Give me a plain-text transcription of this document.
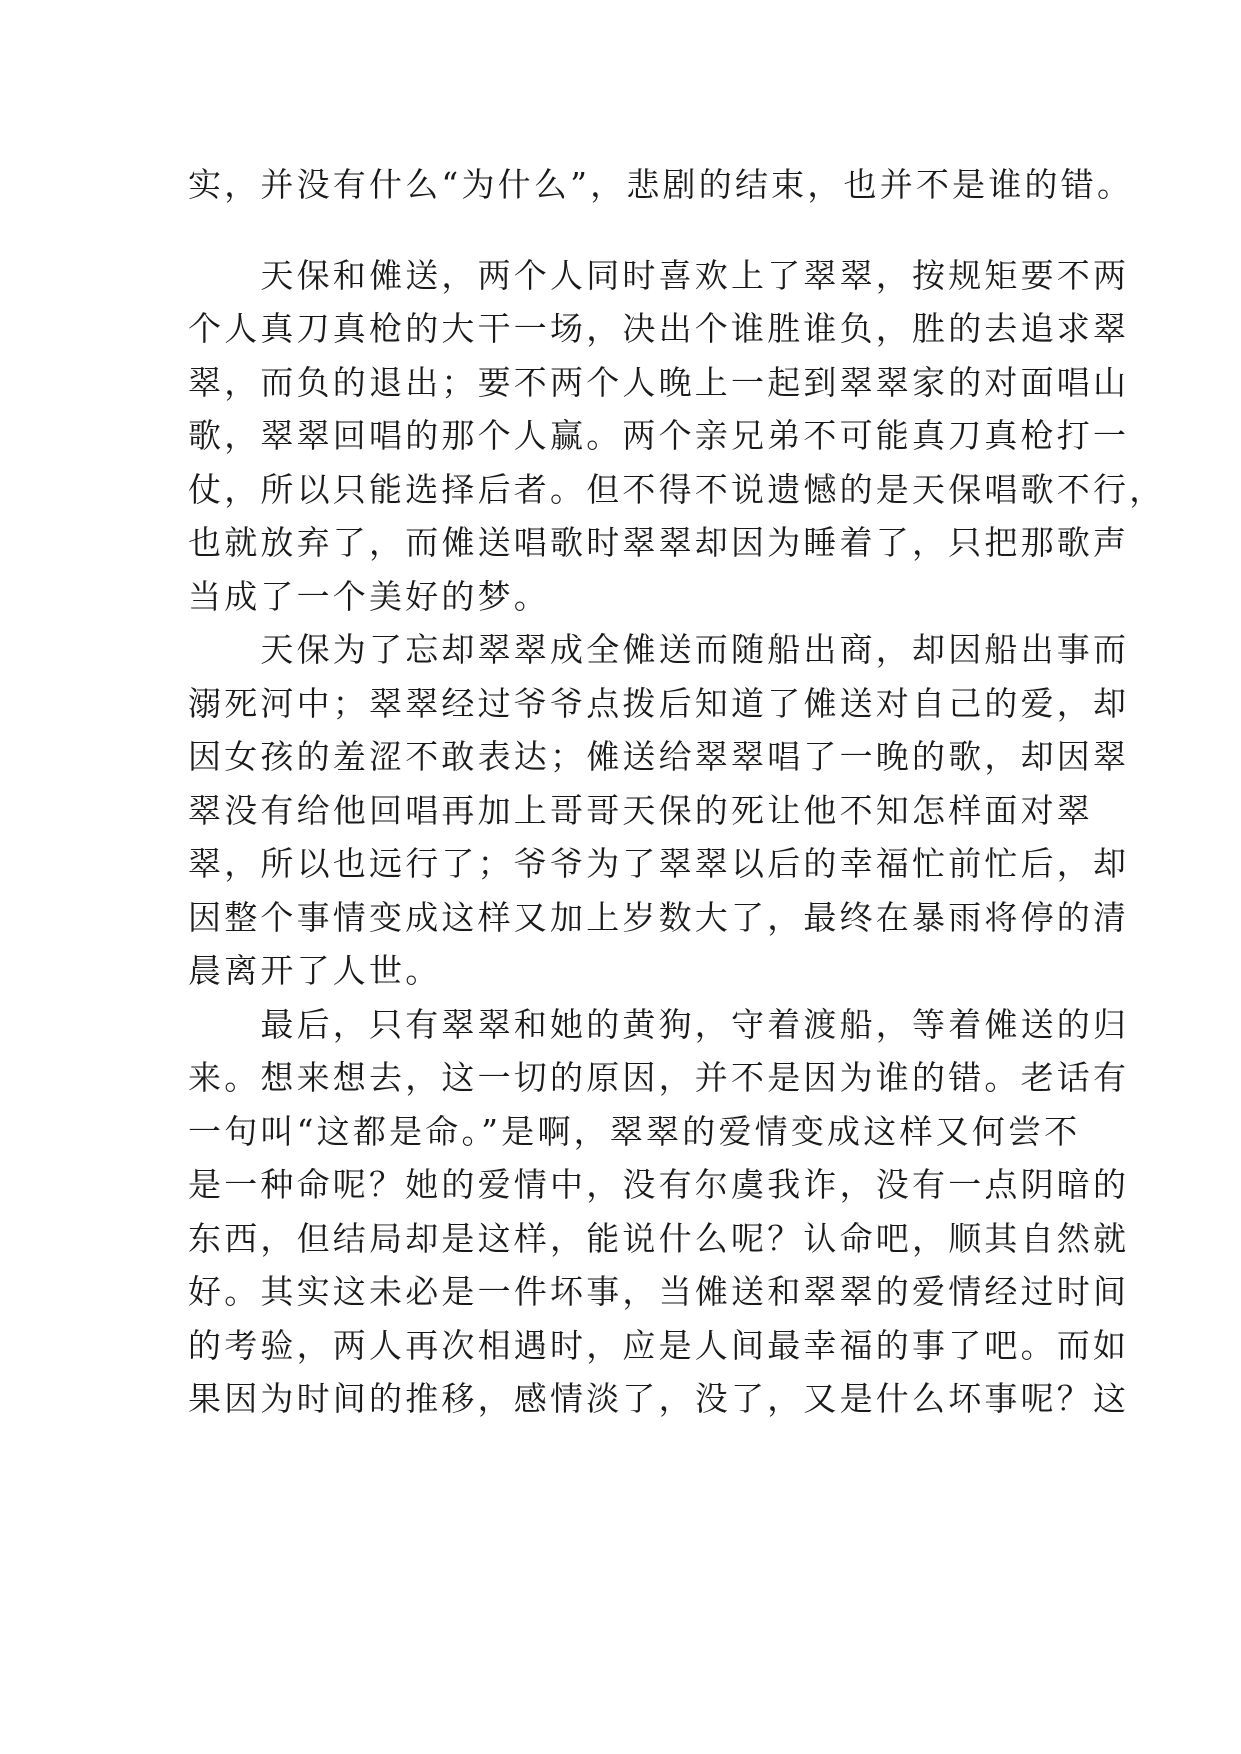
实，并没有什么“为什么”，悲剧的结束，也并不是谁的错。
　　天保和傩送，两个人同时喜欢上了翠翠，按规矩要不两
个人真刀真枪的大干一场，决出个谁胜谁负，胜的去追求翠
翠，而负的退出；要不两个人晚上一起到翠翠家的对面唱山
歌，翠翠回唱的那个人赢。两个亲兄弟不可能真刀真枪打一
仗，所以只能选择后者。但不得不说遗憾的是天保唱歌不行，
也就放弃了，而傩送唱歌时翠翠却因为睡着了，只把那歌声
当成了一个美好的梦。
　　天保为了忘却翠翠成全傩送而随船出商，却因船出事而
溺死河中；翠翠经过爷爷点拨后知道了傩送对自己的爱，却
因女孩的羞涩不敢表达；傩送给翠翠唱了一晚的歌，却因翠
翠没有给他回唱再加上哥哥天保的死让他不知怎样面对翠
翠，所以也远行了；爷爷为了翠翠以后的幸福忙前忙后，却
因整个事情变成这样又加上岁数大了，最终在暴雨将停的清
晨离开了人世。
　　最后，只有翠翠和她的黄狗，守着渡船，等着傩送的归
来。想来想去，这一切的原因，并不是因为谁的错。老话有
一句叫“这都是命。”是啊，翠翠的爱情变成这样又何尝不
是一种命呢？她的爱情中，没有尔虞我诈，没有一点阴暗的
东西，但结局却是这样，能说什么呢？认命吧，顺其自然就
好。其实这未必是一件坏事，当傩送和翠翠的爱情经过时间
的考验，两人再次相遇时，应是人间最幸福的事了吧。而如
果因为时间的推移，感情淡了，没了，又是什么坏事呢？这
